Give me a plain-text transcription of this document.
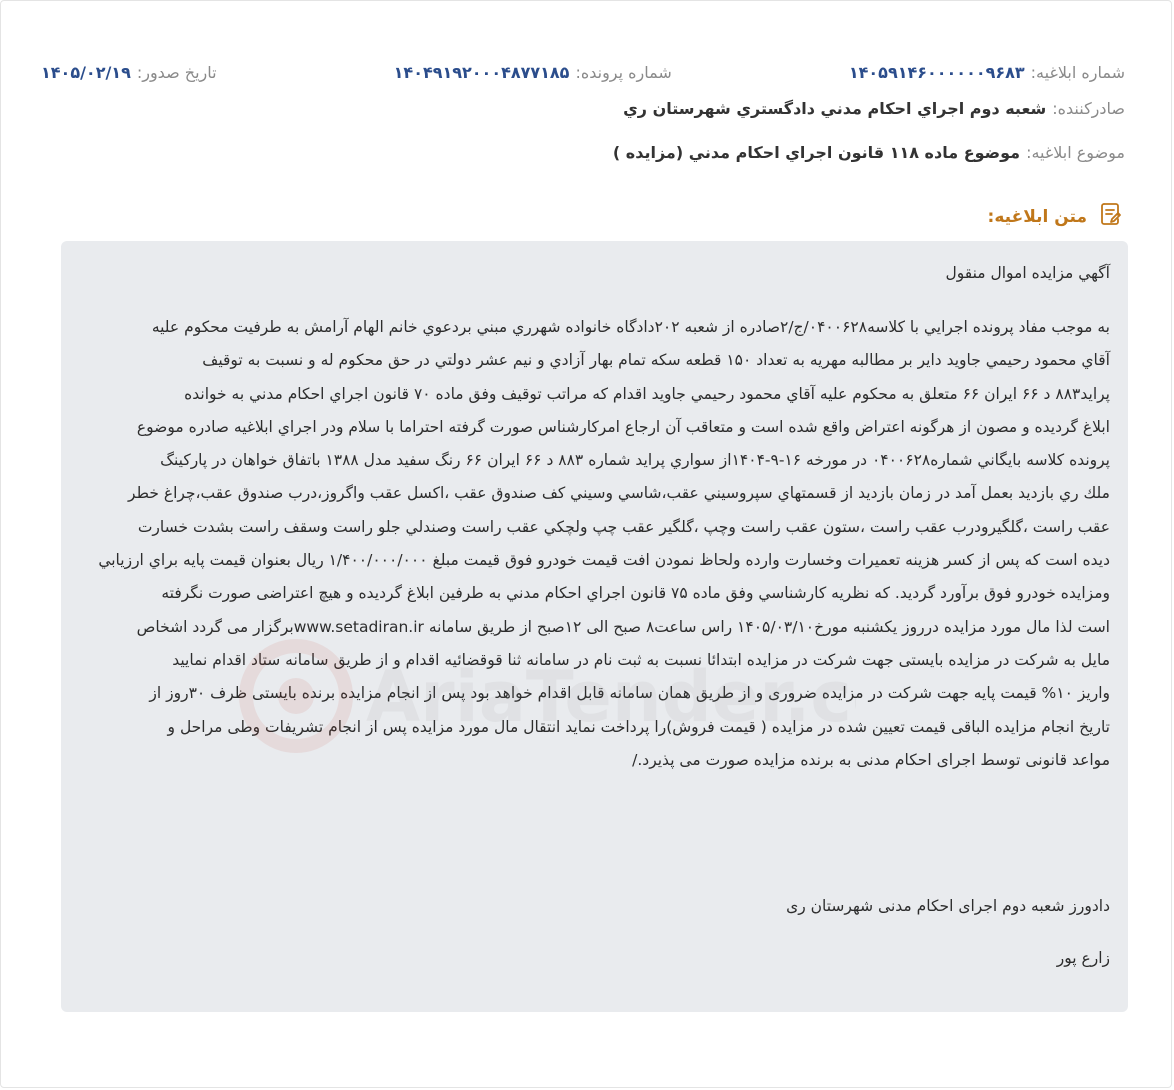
شماره ابلاغیه:
۱۴۰۵۹۱۴۶۰۰۰۰۰۰۹۶۸۳
شماره پرونده:
۱۴۰۴۹۱۹۲۰۰۰۴۸۷۷۱۸۵
تاریخ صدور:
۱۴۰۵/۰۲/۱۹
صادرکننده:
شعبه دوم اجراي احكام مدني دادگستري شهرستان ري
موضوع ابلاغیه:
موضوع ماده ۱۱۸ قانون اجراي احكام مدني (مزايده )
متن ابلاغیه:
AriaTender.c

آگهي مزايده اموال منقول

به موجب مفاد پرونده اجرايي با كلاسه۰۴۰۰۶۲۸/ج/۲صادره از شعبه ۲۰۲دادگاه خانواده شهرري مبني بردعوي خانم الهام آرامش به طرفيت محكوم عليه

آقاي محمود رحيمي جاويد داير بر مطالبه مهريه به تعداد ۱۵۰ قطعه سكه تمام بهار آزادي و نيم عشر دولتي در حق محكوم له و نسبت به توقيف

پرايد۸۸۳ د ۶۶ ايران ۶۶ متعلق به محكوم عليه آقاي محمود رحيمي جاويد اقدام كه مراتب توقيف وفق ماده ۷۰ قانون اجراي احكام مدني به خوانده

ابلاغ گرديده و مصون از هرگونه اعتراض واقع شده است و متعاقب آن ارجاع امركارشناس صورت گرفته احتراما با سلام ودر اجراي ابلاغيه صادره موضوع

پرونده كلاسه بايگاني شماره۰۴۰۰۶۲۸ در مورخه ۱۶-۹-۱۴۰۴از سواري پرايد شماره ۸۸۳ د ۶۶ ايران ۶۶ رنگ سفيد مدل ۱۳۸۸ باتفاق خواهان در پاركينگ

ملك ري بازديد بعمل آمد در زمان بازديد از قسمتهاي سپروسيني عقب،شاسي وسيني كف صندوق عقب ،اكسل عقب واگروز،درب صندوق عقب،چراغ خطر

عقب راست ،گلگيرودرب عقب راست ،ستون عقب راست وچپ ،گلگير عقب چپ ولچكي عقب راست وصندلي جلو راست وسقف راست بشدت خسارت

ديده است كه پس از كسر هزينه تعميرات وخسارت وارده ولحاظ نمودن افت قيمت خودرو فوق قيمت مبلغ ۱/۴۰۰/۰۰۰/۰۰۰ ريال بعنوان قيمت پايه براي ارزيابي

ومزايده خودرو فوق برآورد گرديد. كه نظريه كارشناسي وفق ماده ۷۵ قانون اجراي احكام مدني به طرفين ابلاغ گرديده و هيچ اعتراضی صورت نگرفته

است لذا مال مورد مزایده درروز يكشنبه مورخ۱۴۰۵/۰۳/۱۰ راس ساعت۸ صبح الی ۱۲صبح از طريق سامانه www.setadiran.irبرگزار می گردد اشخاص

مایل به شركت در مزايده بايستی جهت شركت در مزايده ابتدائا نسبت به ثبت نام در سامانه ثنا قوقضائيه اقدام و از طريق سامانه ستاد اقدام نماييد

واريز ۱۰% قيمت پايه جهت شركت در مزايده ضروری و از طريق همان سامانه قابل اقدام خواهد بود پس از انجام مزايده برنده بايستی ظرف ۳۰روز از

تاريخ انجام مزايده الباقی قيمت تعيين شده در مزايده ( قيمت فروش)را پرداخت نمايد انتقال مال مورد مزايده پس از انجام تشريفات وطی مراحل و

مواعد قانونی توسط اجرای احكام مدنی به برنده مزايده صورت می پذيرد./

دادورز شعبه دوم اجرای احكام مدنی شهرستان ری
زارع پور
